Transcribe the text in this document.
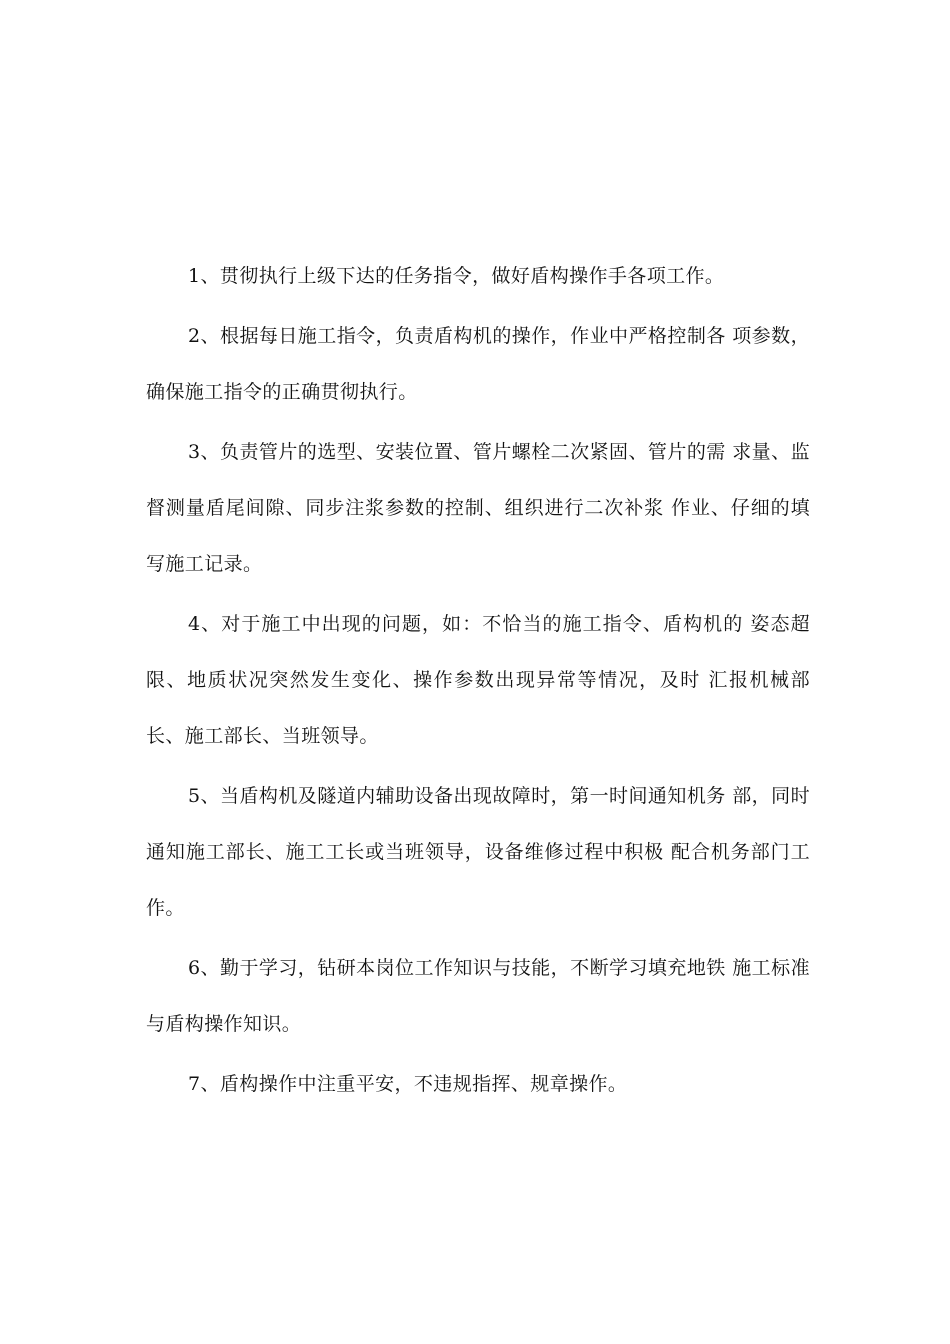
1、贯彻执行上级下达的任务指令，做好盾构操作手各项工作。

2、根据每日施工指令，负责盾构机的操作，作业中严格控制各 项参数，确保施工指令的正确贯彻执行。

3、负责管片的选型、安装位置、管片螺栓二次紧固、管片的需 求量、监督测量盾尾间隙、同步注浆参数的控制、组织进行二次补浆 作业、仔细的填写施工记录。

4、对于施工中出现的问题，如：不恰当的施工指令、盾构机的 姿态超限、地质状况突然发生变化、操作参数出现异常等情况，及时 汇报机械部长、施工部长、当班领导。

5、当盾构机及隧道内辅助设备出现故障时，第一时间通知机务 部，同时通知施工部长、施工工长或当班领导，设备维修过程中积极 配合机务部门工作。

6、勤于学习，钻研本岗位工作知识与技能，不断学习填充地铁 施工标准与盾构操作知识。

7、盾构操作中注重平安，不违规指挥、规章操作。
